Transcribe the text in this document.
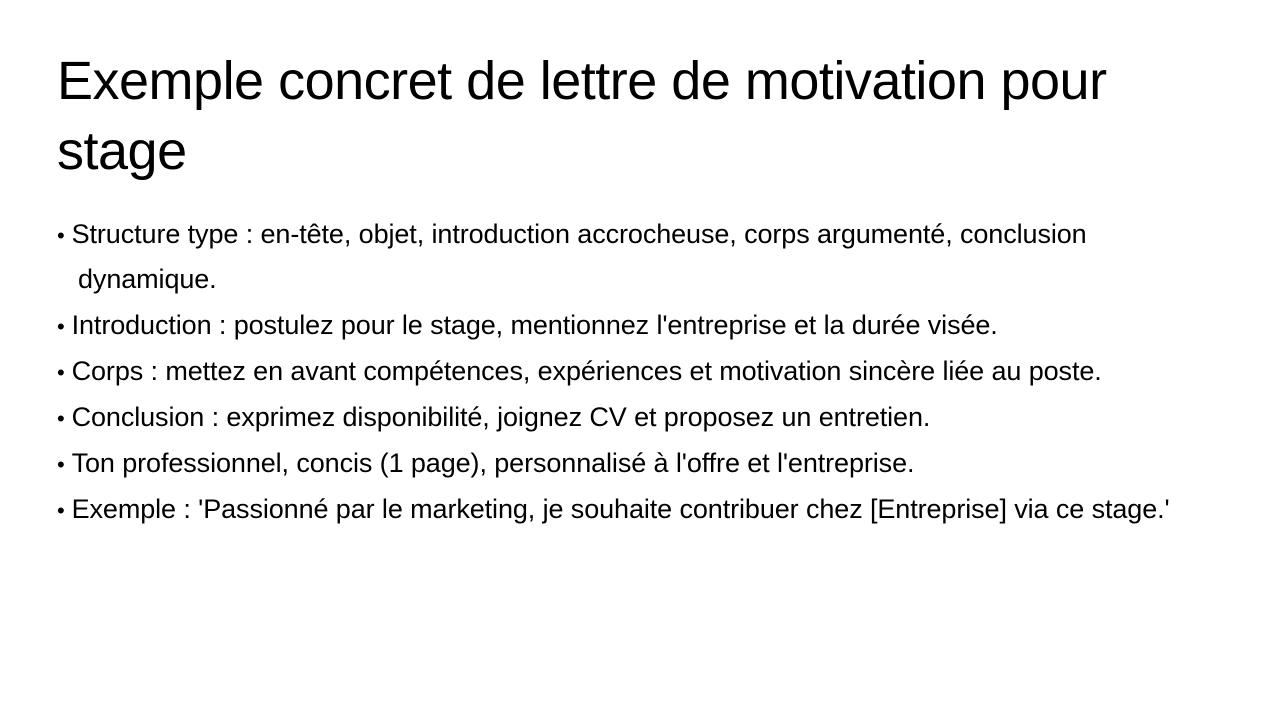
Exemple concret de lettre de motivation pour stage
• Structure type : en-tête, objet, introduction accrocheuse, corps argumenté, conclusion dynamique.
• Introduction : postulez pour le stage, mentionnez l'entreprise et la durée visée.
• Corps : mettez en avant compétences, expériences et motivation sincère liée au poste.
• Conclusion : exprimez disponibilité, joignez CV et proposez un entretien.
• Ton professionnel, concis (1 page), personnalisé à l'offre et l'entreprise.
• Exemple : 'Passionné par le marketing, je souhaite contribuer chez [Entreprise] via ce stage.'
